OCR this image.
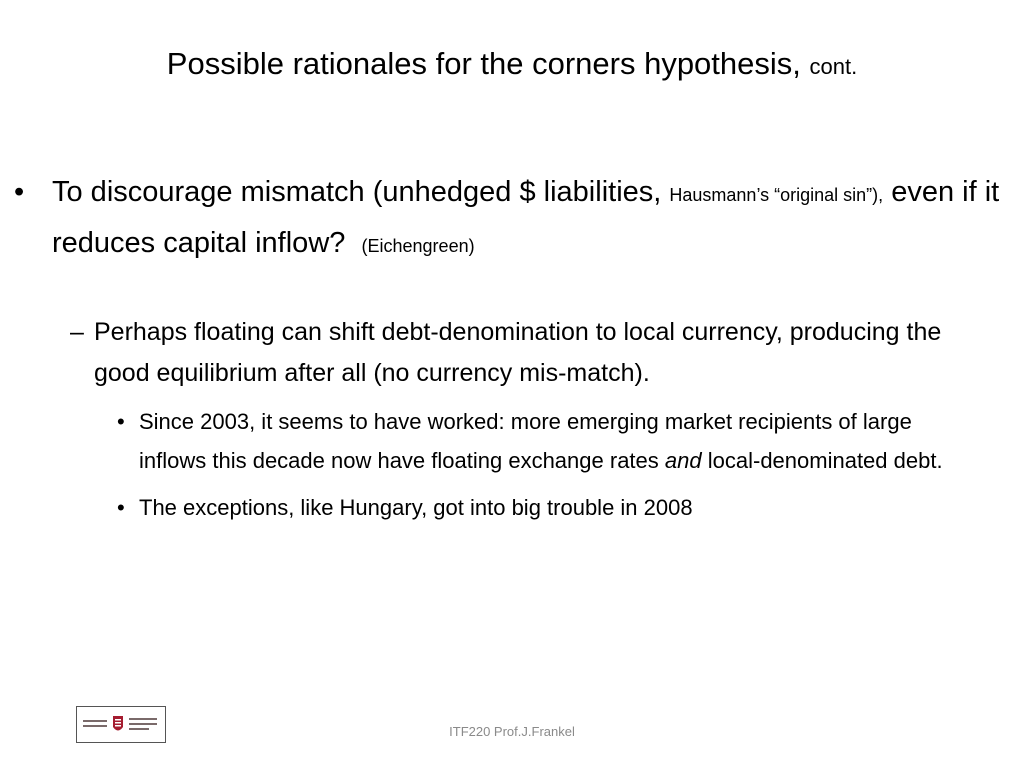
Possible rationales for the corners hypothesis, cont.
• To discourage mismatch (unhedged $ liabilities, Hausmann’s “original sin”), even if it reduces capital inflow? (Eichengreen)
– Perhaps floating can shift debt-denomination to local currency, producing the good equilibrium after all (no currency mis-match).
• Since 2003, it seems to have worked: more emerging market recipients of large inflows this decade now have floating exchange rates and local-denominated debt.
• The exceptions, like Hungary, got into big trouble in 2008
ITF220 Prof.J.Frankel
